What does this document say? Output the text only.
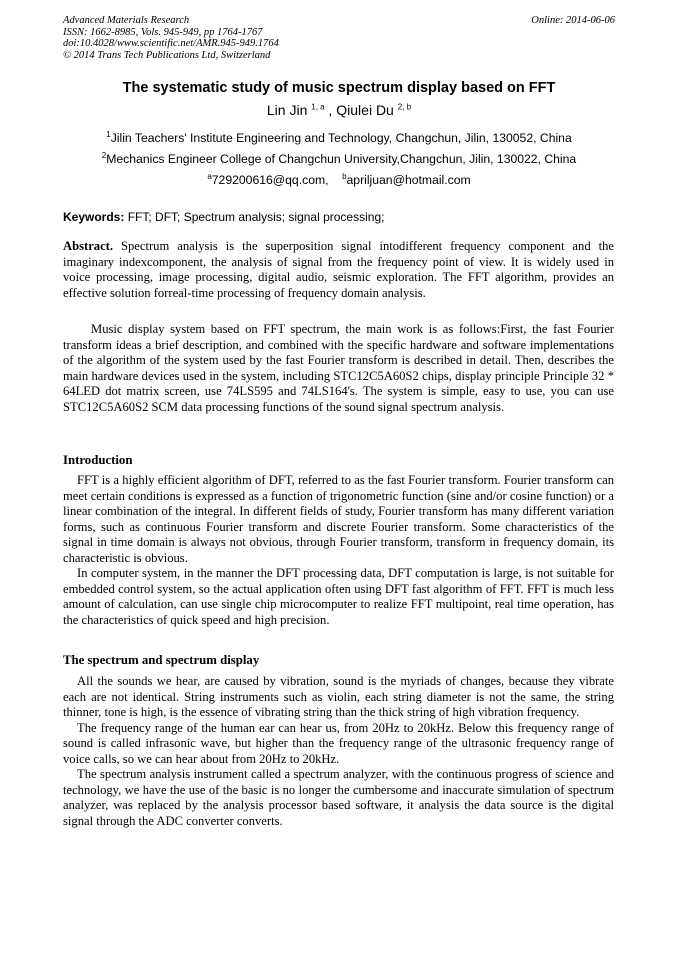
Advanced Materials Research
ISSN: 1662-8985, Vols. 945-949, pp 1764-1767
doi:10.4028/www.scientific.net/AMR.945-949.1764
© 2014 Trans Tech Publications Ltd, Switzerland
Online: 2014-06-06
The systematic study of music spectrum display based on FFT
Lin Jin $^{1, a}$ , Qiulei Du $^{2, b}$
$^1$Jilin Teachers' Institute Engineering and Technology, Changchun, Jilin, 130052, China
$^2$Mechanics Engineer College of Changchun University,Changchun, Jilin, 130022, China
$^a$729200616@qq.com, $^b$apriljuan@hotmail.com
Keywords: FFT; DFT; Spectrum analysis; signal processing;

Abstract. Spectrum analysis is the superposition signal intodifferent frequency component and the imaginary indexcomponent, the analysis of signal from the frequency point of view. It is widely used in voice processing, image processing, digital audio, seismic exploration. The FFT algorithm, provides an effective solution forreal-time processing of frequency domain analysis.

Music display system based on FFT spectrum, the main work is as follows:First, the fast Fourier transform ideas a brief description, and combined with the specific hardware and software implementations of the algorithm of the system used by the fast Fourier transform is described in detail. Then, describes the main hardware devices used in the system, including STC12C5A60S2 chips, display principle Principle 32 * 64LED dot matrix screen, use 74LS595 and 74LS164's. The system is simple, easy to use, you can use STC12C5A60S2 SCM data processing functions of the sound signal spectrum analysis.

Introduction

FFT is a highly efficient algorithm of DFT, referred to as the fast Fourier transform. Fourier transform can meet certain conditions is expressed as a function of trigonometric function (sine and/or cosine function) or a linear combination of the integral. In different fields of study, Fourier transform has many different variation forms, such as continuous Fourier transform and discrete Fourier transform. Some characteristics of the signal in time domain is always not obvious, through Fourier transform, transform in frequency domain, its characteristic is obvious.

In computer system, in the manner the DFT processing data, DFT computation is large, is not suitable for embedded control system, so the actual application often using DFT fast algorithm of FFT. FFT is much less amount of calculation, can use single chip microcomputer to realize FFT multipoint, real time operation, has the characteristics of quick speed and high precision.

The spectrum and spectrum display

All the sounds we hear, are caused by vibration, sound is the myriads of changes, because they vibrate each are not identical. String instruments such as violin, each string diameter is not the same, the string thinner, tone is high, is the essence of vibrating string than the thick string of high vibration frequency.

The frequency range of the human ear can hear us, from 20Hz to 20kHz. Below this frequency range of sound is called infrasonic wave, but higher than the frequency range of the ultrasonic frequency range of voice calls, so we can hear about from 20Hz to 20kHz.

The spectrum analysis instrument called a spectrum analyzer, with the continuous progress of science and technology, we have the use of the basic is no longer the cumbersome and inaccurate simulation of spectrum analyzer, was replaced by the analysis processor based software, it analysis the data source is the digital signal through the ADC converter converts.
